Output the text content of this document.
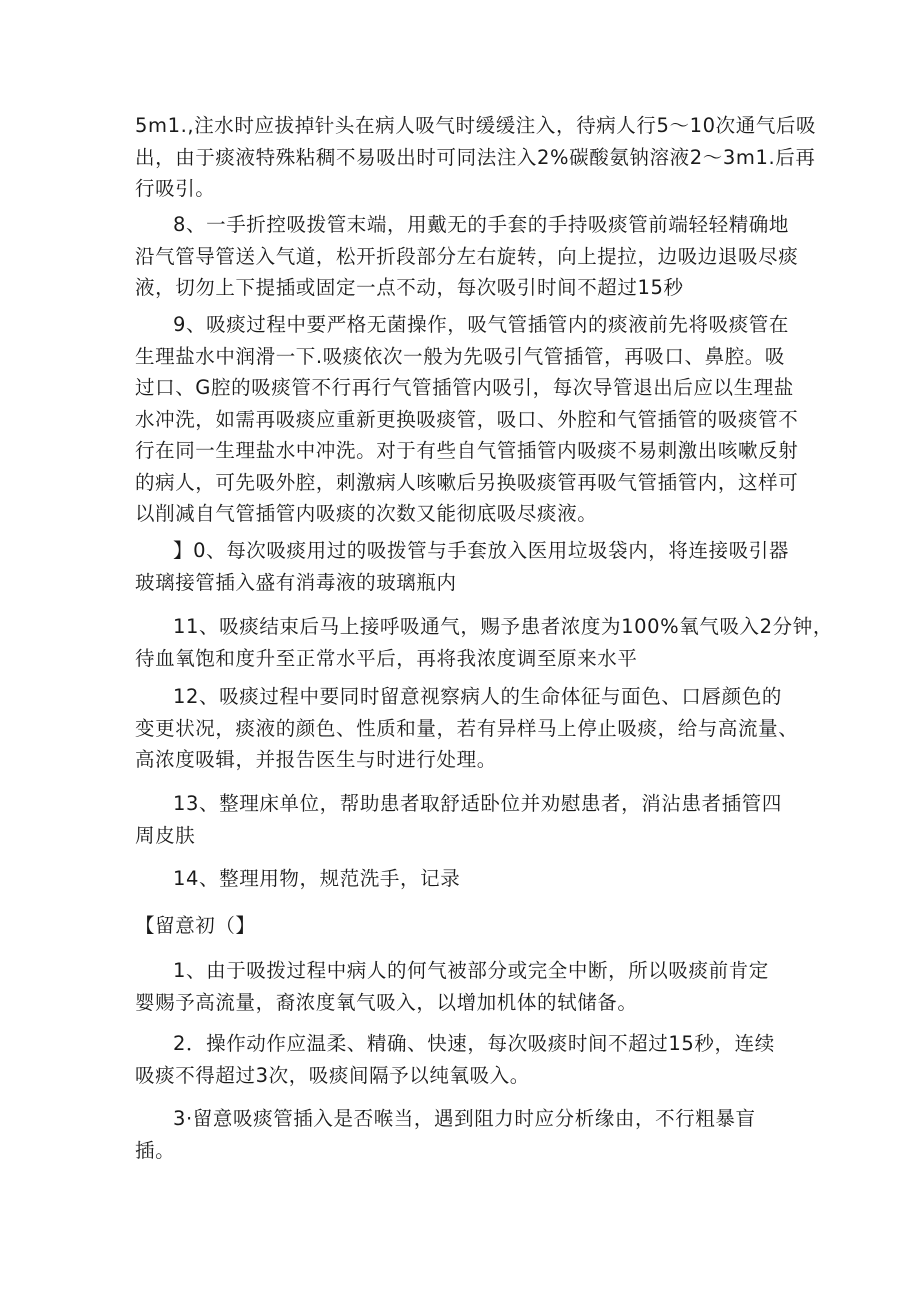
5m1.,注水时应拔掉针头在病人吸气时缓缓注入，待病人行5～10次通气后吸
出，由于痰液特殊粘稠不易吸出时可同法注入2%碳酸氨钠溶液2～3m1.后再
行吸引。
8、一手折控吸拨管末端，用戴无的手套的手持吸痰管前端轻轻精确地
沿气管导管送入气道，松开折段部分左右旋转，向上提拉，边吸边退吸尽痰
液，切勿上下提插或固定一点不动，每次吸引时间不超过15秒
9、吸痰过程中要严格无菌操作，吸气管插管内的痰液前先将吸痰管在
生理盐水中润滑一下.吸痰依次一般为先吸引气管插管，再吸口、鼻腔。吸
过口、G腔的吸痰管不行再行气管插管内吸引，每次导管退出后应以生理盐
水冲洗，如需再吸痰应重新更换吸痰管，吸口、外腔和气管插管的吸痰管不
行在同一生理盐水中冲洗。对于有些自气管插管内吸痰不易刺激出咳嗽反射
的病人，可先吸外腔，刺激病人咳嗽后另换吸痰管再吸气管插管内，这样可
以削减自气管插管内吸痰的次数又能彻底吸尽痰液。
】0、每次吸痰用过的吸拨管与手套放入医用垃圾袋内，将连接吸引器
玻璃接管插入盛有消毒液的玻璃瓶内
11、吸痰结束后马上接呼吸通气，赐予患者浓度为100%氧气吸入2分钟，
待血氧饱和度升至正常水平后，再将我浓度调至原来水平
12、吸痰过程中要同时留意视察病人的生命体征与面色、口唇颜色的
变更状况，痰液的颜色、性质和量，若有异样马上停止吸痰，给与高流量、
高浓度吸辑，并报告医生与时进行处理。
13、整理床单位，帮助患者取舒适卧位并劝慰患者，消沾患者插管四
周皮肤
14、整理用物，规范洗手，记录
【留意初（】
1、由于吸拨过程中病人的何气被部分或完全中断，所以吸痰前肯定
婴赐予高流量，裔浓度氧气吸入，以增加机体的轼储备。
2．操作动作应温柔、精确、快速，每次吸痰时间不超过15秒，连续
吸痰不得超过3次，吸痰间隔予以纯氧吸入。
3·留意吸痰管插入是否喉当，遇到阻力时应分析缘由，不行粗暴盲
插。
